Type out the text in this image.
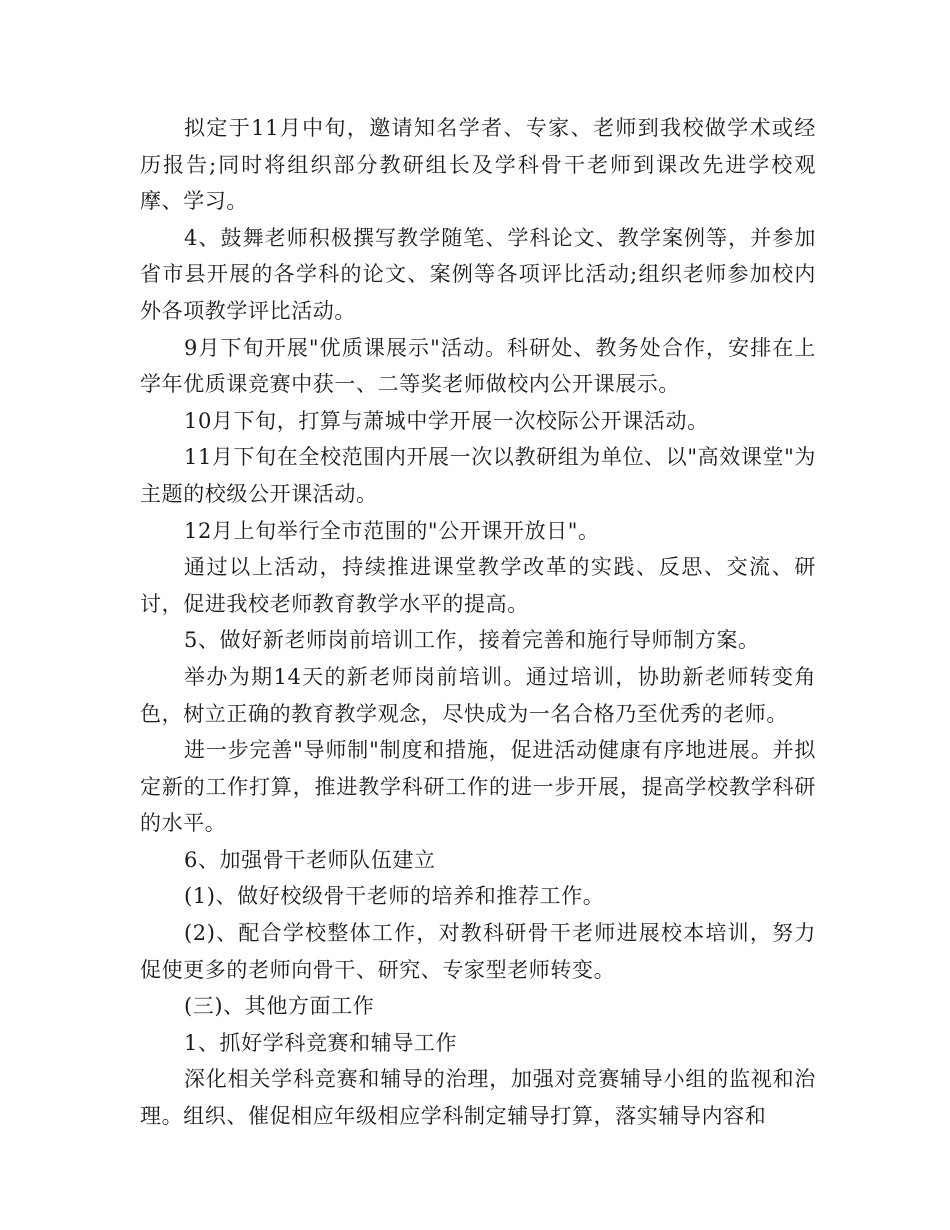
拟定于11月中旬，邀请知名学者、专家、老师到我校做学术或经历报告;同时将组织部分教研组长及学科骨干老师到课改先进学校观摩、学习。

4、鼓舞老师积极撰写教学随笔、学科论文、教学案例等，并参加省市县开展的各学科的论文、案例等各项评比活动;组织老师参加校内外各项教学评比活动。

9月下旬开展"优质课展示"活动。科研处、教务处合作，安排在上学年优质课竞赛中获一、二等奖老师做校内公开课展示。

10月下旬，打算与萧城中学开展一次校际公开课活动。

11月下旬在全校范围内开展一次以教研组为单位、以"高效课堂"为主题的校级公开课活动。

12月上旬举行全市范围的"公开课开放日"。

通过以上活动，持续推进课堂教学改革的实践、反思、交流、研讨，促进我校老师教育教学水平的提高。

5、做好新老师岗前培训工作，接着完善和施行导师制方案。

举办为期14天的新老师岗前培训。通过培训，协助新老师转变角色，树立正确的教育教学观念，尽快成为一名合格乃至优秀的老师。

进一步完善"导师制"制度和措施，促进活动健康有序地进展。并拟定新的工作打算，推进教学科研工作的进一步开展，提高学校教学科研的水平。

6、加强骨干老师队伍建立

(1)、做好校级骨干老师的培养和推荐工作。

(2)、配合学校整体工作，对教科研骨干老师进展校本培训，努力促使更多的老师向骨干、研究、专家型老师转变。

(三)、其他方面工作

1、抓好学科竞赛和辅导工作

深化相关学科竞赛和辅导的治理，加强对竞赛辅导小组的监视和治理。组织、催促相应年级相应学科制定辅导打算，落实辅导内容和
